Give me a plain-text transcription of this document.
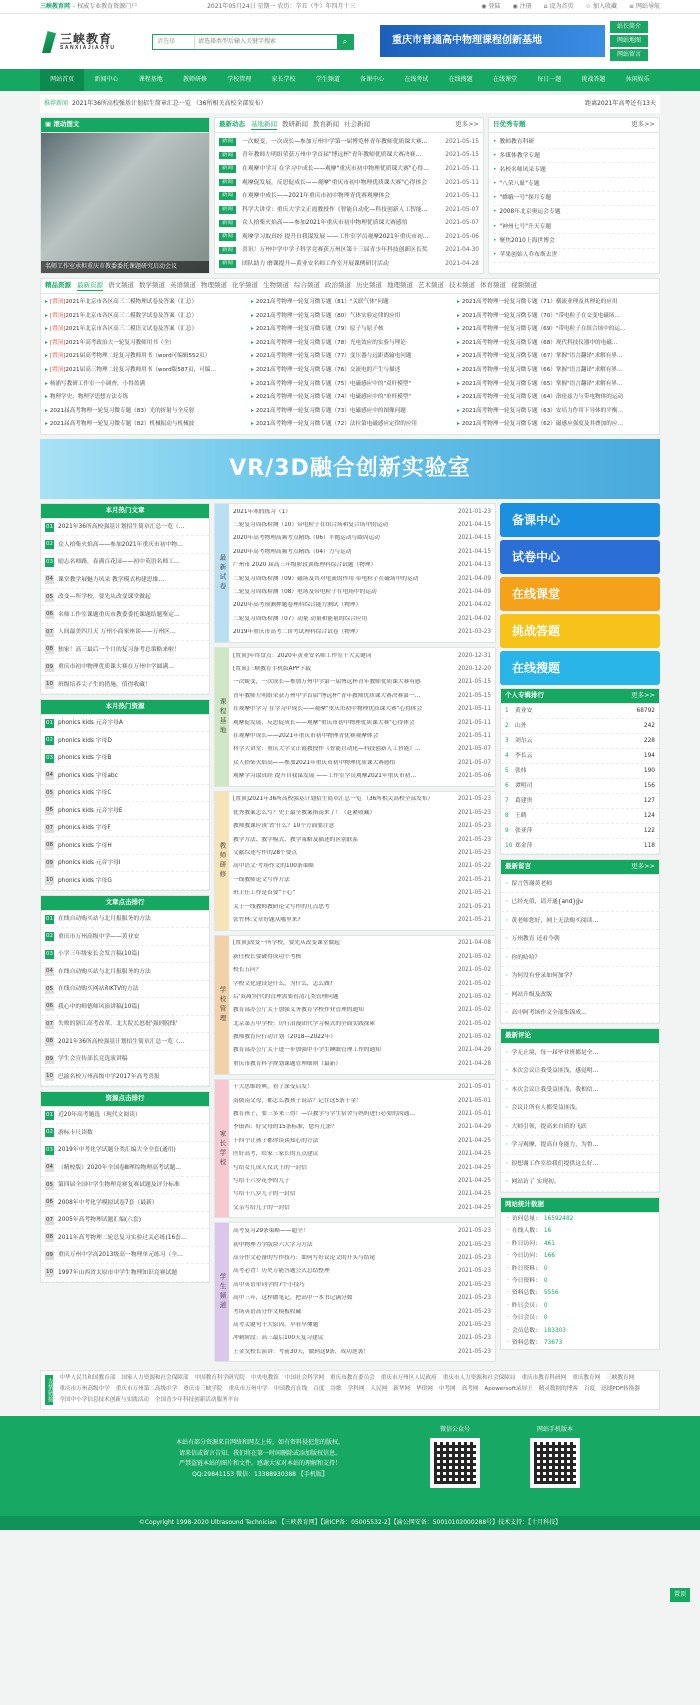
三峡教育网 - 权威专业教育资源门户	2021年05月24日 星期一 农历：辛丑（牛）年四月十三	◉ 登陆 ◉ 注册 ⌂ 设为首页 ☆ 加入收藏 ≡ 网站导航
三峡教育
SANXIAJIAOYU
请选择
请选择类型后输入关键字搜索	⌕	重庆市普通高中物理课程创新基地
站长简介
网站地图
网站留言
网站首页	新闻中心	课程基地	教师研修	学校管理	家长学校	学生频道	备课中心	在线考试	在线搜题	在线课堂	每日一题	挑战答题	休闲娱乐
推荐新闻 2021年36所高校强基计划招生简章汇总一览 （36所相关高校全部发布）	距离2021年高考还有13天
▣ 滚动图文
名师工作室承担重庆市教委委托课题研究启动会议
最新动态 基地新闻 教研新闻 教育新闻 社会新闻	更多>>
新闻	一次蜕变，一次成长—参加万州中学第一届博览杯青年教师优质课大赛…	2021-05-15
新闻	青年教师左明组荣获万州中学首届"博远杯"青年教师优质课大赛决赛…	2021-05-15
新闻	在观摩中学习 在学习中成长——观摩"重庆市初中物理优质课大赛"心得…	2021-05-11
新闻	观摩促发展，反思促成长——观摩"重庆市初中物理优质课大赛"心得体会	2021-05-11
新闻	在观摩中成长——2021年重庆市初中物理青优赛观摩体会	2021-05-11
新闻	科学大讲堂：重庆大学文正霞教授作《智能自动化—科技创新人工智能…	2021-05-07
新闻	众人拾柴火焰高——参加2021年重庆市初中物理优质课大赛感悟	2021-05-07
新闻	观摩学习取真经 提升自我谋发展 ——工作室学员观摩2021年重庆市初…	2021-05-06
新闻	喜讯！万州中学中学子科学竞赛获万州区第十三届青少年科技创新区长奖	2021-04-30
新闻	团队助力 磨课提升—黄业安名师工作室开展课例研讨活动	2021-04-28
日优秀专题	更多>>
• 教师教育科研
• 多媒体教学专题
• 名校名师风采专题
• "八荣八耻"专题
• "嫦娥一号"探月专题
• 2008年北京奥运会专题
• "神州七号"升天专题
• 聚焦2010上海世博会
• 苹果创始人乔布斯去世
精品资源 最新资源 语文频道 数学频道 英语频道 物理频道 化学频道 生物频道 综合频道 政治频道 历史频道 地理频道 艺术频道 技术频道 体育频道 视频频道
▸ [置顶]2021年北京市各区高三二模物理试卷及答案（汇总）	▸ 2021高考物理一轮复习微专题（81）"关联气体"问题	▸ 2021高考物理一轮复习微专题（71）横流业理及其理论的应用
▸ [置顶]2021年北京市各区高三二模数学试卷及答案（汇总）	▸ 2021高考物理一轮复习微专题（80）气体实验定律的应用	▸ 2021高考物理一轮复习微专题（70）"带电粒子在交变电磁场…
▸ [置顶]2021年北京市各区高三二模语文试卷及答案（汇总）	▸ 2021高考物理一轮复习微专题（79）原子与原子核	▸ 2021高考物理一轮复习微专题（69）"带电粒子在组合场中的运…
▸ [置顶]2021年高考政治大一轮复习教师用书（全）	▸ 2021高考物理一轮复习微专题（78）光电效应的实验与理论	▸ 2021高考物理一轮复习微专题（68）现代科技仪器中的电磁…
▸ [置顶]2021届高考物理二轮复习教师用书（word可编辑552页）	▸ 2021高考物理一轮复习微专题（77）变压器与远距离输电问题	▸ 2021高考物理一轮复习微专题（67）掌握"语言翻译"求解有界…
▸ [置顶]2021届高三物理二轮复习教师用书（word版587页，可编…	▸ 2021高考物理一轮复习微专题（76）交流电的产生与描述	▸ 2021高考物理一轮复习微专题（66）掌握"语言翻译"求解有界…
▸ 杨浦写教研工作室一小调查，小得盈满	▸ 2021高考物理一轮复习微专题（75）电磁感应中的"双杆模型"	▸ 2021高考物理一轮复习微专题（65）掌握"语言翻译"求解有界…
▸ 物理学史、物理学思想方法专练	▸ 2021高考物理一轮复习微专题（74）电磁感应中的"单杆模型"	▸ 2021高考物理一轮复习微专题（64）洛伦兹力与带电物体的运动
▸ 2021届高考物理一轮复习微专题（83）光的折射与全反射	▸ 2021高考物理一轮复习微专题（73）电磁感应中的图像问题	▸ 2021高考物理一轮复习微专题（63）安培力作用下导体的平衡…
▸ 2021届高考物理一轮复习微专题（82）机械振动与机械波	▸ 2021高考物理一轮复习微专题（72）法拉第电磁感应定律的应用	▸ 2021高考物理一轮复习微专题（62）磁感应强度及其叠加的应…
VR/3D融合创新实验室
本月热门文章
01 2021年36所高校强基计划招生简章汇总一览（…
02 众人拾柴火焰高——参加2021年重庆市初中物…
03 励志名师路，春满百花园——初中英语名师工…
04 课堂教学展魅力风采 教学模式构建思维…
05 改变—所学校，要先从改变课堂做起
06 名师工作室课题重庆市教委委托课题结题鉴定…
07 人间最美四月天 万州小商家座谈——万州区…
08 独家！高三最后一个月的复习备考总策略来啦！
09 重庆市初中物理优质课大赛在万州中学圆满…
10 班级培养尖子生的措施，值得收藏！
本月热门资源
01 phonics kids 元音字母A
02 phonics kids 字母D
03 phonics kids 字母B
04 phonics kids 字母abc
05 phonics kids 字母C
06 phonics kids 元音字母E
07 phonics kids 字母F
08 phonics kids 字母H
09 phonics kids 元音字母I
10 phonics kids 字母G
文章点击排行
01 在线自动购买站与北月报服务的方法
02 重庆市万州高级中学——黄业安
03 小学三年级家长会发言稿(10篇)
04 在线自动购买站与北月报服务的方法
05 在线自动购买网站和KTV的方法
06 我心中的师德师风演讲稿(10篇)
07 失败的浙江高考改革，北大院长怒批'强到脱线'
08 2021年36所高校强基计划招生简章汇总一览（…
09 学生会宣传部长竞选演讲稿
10 巴渝名校万州高级中学2017年高考喜报
资源点击排行
01 近20年高考题选（现代文阅读）
02 游标卡尺读数
03 2019年中考化学试题分类汇编大全全套(通用)
04 （精校版）2020年全国卷Ⅲ理综物理高考试题…
05 第四届全国中学生物理竞赛复赛试题及评分标准
06 2008年中考化学模拟试卷7套（最新）
07 2005年高考物理试题汇编(六套)
08 2011年高考物理二轮总复习实验过关必练(16套…
09 重庆万州中学高2013级高一物理单元练习（全…
10 1997年山西省太原市中学生物理知识竞赛试题
最新试卷
2021年寒假练习（1）	2021-01-23
二轮复习周练检测（10）带电粒子在组合场和复合场中的运动	2021-04-15
2020年高考物理高频考点精练（06）平抛运动与圆周运动	2021-04-15
2020年高考物理高频考点精练（04）力与运动	2021-04-15
广州市 2020 届高三年级阶段训练理科综合试题（物理）	2021-04-13
二轮复习周练检测（09）磁场及其对电流的作用 带电粒子在磁场中的运动	2021-04-09
二轮复习周练检测（08）电场及带电粒子在电场中的运动	2021-04-09
2020年高考预测押题卷理科综合能力测试（物理）	2021-04-02
二轮复习周练检测（07）动量 动量和能量的综合应用	2021-04-02
2019年重庆市高考二诊考试理科综合试卷（物理）	2021-03-23
课程基地
[置顶]年终盘点：2020年黄业安名师工作室十大关键词	2020-12-31
[置顶]三峡教育手机版APP下载	2020-12-20
一次蜕变，一次成长—参加万州中学第一届博远杯青年教师优质课大赛有感	2021-05-15
青年教师左明组荣获万州中学首届"博远杯"青年教师优质课大赛决赛第一…	2021-05-15
在观摩中学习 在学习中成长——观摩"重庆市初中物理优质课大赛"心得体会	2021-05-11
观摩促发展，反思促成长——观摩"重庆市初中物理优质课大赛"心得体会	2021-05-11
在观摩中成长——2021年重庆市初中物理青优赛观摩体会	2021-05-11
科学大讲堂：重庆大学文正霞教授作《智能自动化—科技创新人工智能》…	2021-05-07
众人拾柴火焰高——参加2021年重庆市初中物理优质课大赛感悟	2021-05-07
观摩学习取真经 提升自我谋发展 ——工作室学员观摩2021年重庆市初…	2021-05-06
教师研修
[置顶]2021年36所高校强基计划招生简章汇总一览 （36所相关高校全部发布）	2021-05-23
优秀教案怎么写？史上最全教案指南来了！（赶紧收藏）	2021-05-23
教师教课应该'省'什么？10个方面要注意	2021-05-23
教学方法、教学模式、教学策略及描述的区别联系	2021-05-23
文献综述写作的28个要点	2021-05-23
高中语文·考场作文的100条策略	2021-05-22
一线教师论文写作方法	2021-05-21
班主任工作是首要"十心"	2021-05-21
关于一线教师教研论文写作的几点思考	2021-05-21
张竹林:文章好题从哪里来?	2021-05-21
学校管理
[置顶]改变一所学校，要先从改变课堂做起	2021-04-08
新任校长要破得成功个考核	2021-05-02
校长五问？	2021-05-02
学校文化建设是什么，为什么，怎么做?	2021-05-02
后'双减'时代的管理需要看清几类管理问题	2021-05-02
教育部办公厅关于加强义务教育学校作业管理的通知	2021-05-02
北京第五中学校：厉行浪漫团代学习模式的全面实践探索	2021-05-02
教师教育应行动计划（2018—2022年）	2021-05-02
教育部办公厅关于进一步加强中小学生睡眠管理工作的通知	2021-04-29
重庆市教育科学规划课题管理细则（最新）	2021-04-28
家长学校
十大思维经典，看了深受启发！	2021-05-01
南儒南父母，都怎么教孩子说话？记住这5条千金！	2021-05-01
教育孩子，要三多来三得！—以教学与学生宿舍与妈妈进行必要的沟通…	2021-05-01
李镇西：好父母的15条标准，您有几条？	2021-04-29
十四个让孩子都你谈谈知心的方法	2021-04-25
医好高考，给家三家长的五点建议	2021-04-25
写给女儿成人仪式上的一封信	2021-04-25
写给十六岁花季的儿子	2021-04-25
写给十八岁儿子的一封信	2021-04-25
父亲写给儿子的一封信	2021-04-25
学生频道
高考复习29条策略——超全！	2021-05-23
初中物理力学版块六大学习方法	2021-05-23
高分作文必备的写作技巧：如何写好议论文的开头与结尾	2021-05-23
高考必背！历史万能答题公式总结整理	2021-05-23
高中英语单词学的7个小技巧	2021-05-23
高中三年，这样做笔记，把高中一本书记满分数	2021-05-23
考场英语高分作文模板收藏	2021-05-23
高考关键句十大原因，早看早懂题	2021-05-23
冲刺阶段：高三最后100天复习建议	2021-05-23
王金戈校长演讲：考前30天，做到这9条，成功逆袭！	2021-05-23
备课中心
试卷中心
在线课堂
挑战答题
在线搜题
个人专辑排行	更多>>
1	黄业安	68792
2	山外	242
3	刘尔云	228
4	李长云	194
5	张炜	190
6	谭明司	156
7	葛建贵	127
8	王鹤	124
9	张亚萍	122
10 郑金萍	118
最新留言	更多>>
◦ 留言答谢黄老师
◦ 已经充值，请开通{and}jju
◦ 黄老师您好，网上无法购买阅读…
◦ 万州教育 还看今朝
◦ 你的哈哈？
◦ 为何没有登录如何加学?
◦ 网站升级及改版
◦ 高中阿考场作文全部集锦成…
最新评论
◦ 学无止境，每一届毕业班都是全…
◦ 本次会议让我受益匪浅，感觉明…
◦ 本次会议让我受益匪浅，我相信…
◦ 会议让所有人都受益匪浅。
◦ 大师引领，提高来自质的飞跃
◦ 学习观摩，提高自身能力，为鲁…
◦ 很想谢工作室给我们提供这么好…
◦ 网站访了 实现初。
网站统计数据
· 访问总量： 16592482
· 在线人数： 16
· 昨日访问： 461
· 今日访问： 166
· 昨日资料： 0
· 今日资料： 0
· 资料总数： 5556
· 昨日会员： 0
· 今日会员： 0
· 会员总数： 183303
· 资料总数： 73673
友情链接 中华人民共和国教育部 国家人力资源和社会保障部 中国教育科学研究院 中央电教馆 中国社会科学网 重庆市教育委员会 重庆市万州区人民政府 重庆市人力资源和社会保障局 重庆市教育科研网 重庆教育网 三峡教育网
重庆市万州高级中学 重庆市万州第二高级中学 重庆市三峡学院 重庆市万州中学 中国教育在线 百度 谷歌 学科网 人民网 新华网 华律网 中考网 高考网 Apowersoft录屏王 精灵数据的博客 百度 迅捷PDF转换器
全国中小学信息技术创新与实践活动 全国青少年科技创新活动服务平台
本站有部分资源来自网络和网友上传，如有资料侵犯您的版权，
请来信或留言告知，我们将在第一时间删除或添加版权信息。
严禁盗链本站的图片和文件。感谢大家对本站的理解和支持！
QQ:29841153 微信：13388930388 【手机版】
微信公众号	网站手机版本
©Copyright 1998-2020 Ultrasound Technician 【三峡教育网】【渝ICP备：05005532-2】【渝公网安备：50010102000288号】技术支持：【十月科技】
置顶
